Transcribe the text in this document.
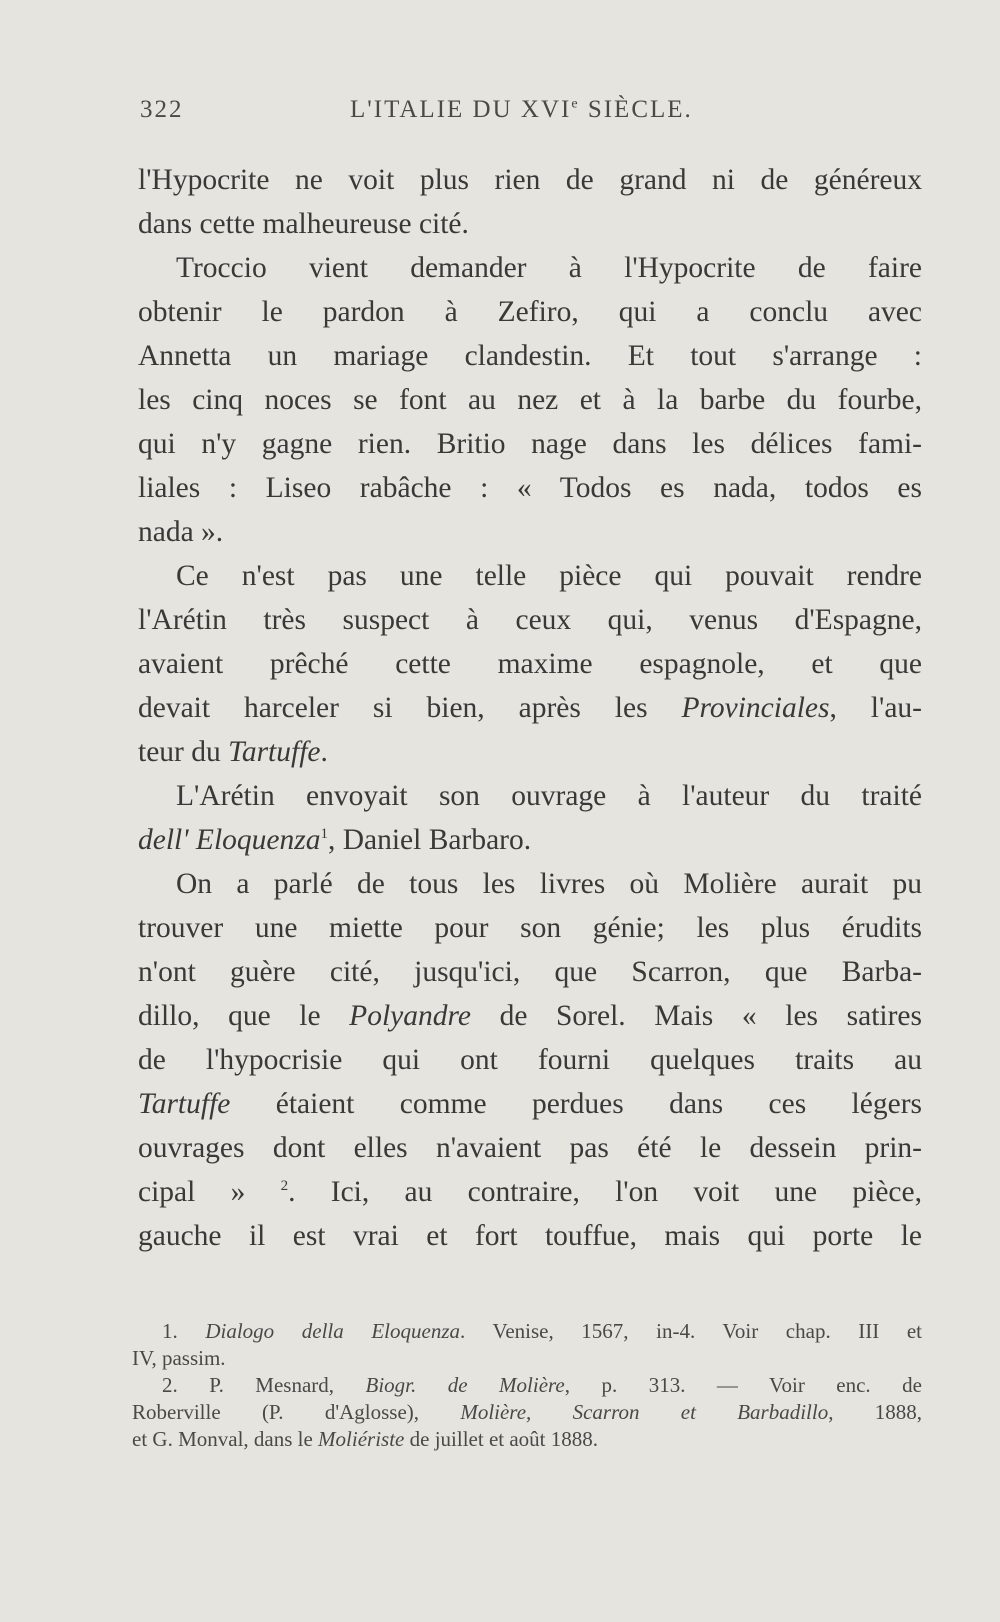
322	L'ITALIE DU XVIe SIÈCLE.
l'Hypocrite ne voit plus rien de grand ni de généreux
dans cette malheureuse cité.
Troccio vient demander à l'Hypocrite de faire
obtenir le pardon à Zefiro, qui a conclu avec
Annetta un mariage clandestin. Et tout s'arrange :
les cinq noces se font au nez et à la barbe du fourbe,
qui n'y gagne rien. Britio nage dans les délices fami-
liales : Liseo rabâche : « Todos es nada, todos es
nada ».
Ce n'est pas une telle pièce qui pouvait rendre
l'Arétin très suspect à ceux qui, venus d'Espagne,
avaient prêché cette maxime espagnole, et que
devait harceler si bien, après les Provinciales, l'au-
teur du Tartuffe.
L'Arétin envoyait son ouvrage à l'auteur du traité
dell' Eloquenza$^1$, Daniel Barbaro.
On a parlé de tous les livres où Molière aurait pu
trouver une miette pour son génie; les plus érudits
n'ont guère cité, jusqu'ici, que Scarron, que Barba-
dillo, que le Polyandre de Sorel. Mais « les satires
de l'hypocrisie qui ont fourni quelques traits au
Tartuffe étaient comme perdues dans ces légers
ouvrages dont elles n'avaient pas été le dessein prin-
cipal » $^2$. Ici, au contraire, l'on voit une pièce,
gauche il est vrai et fort touffue, mais qui porte le
1. Dialogo della Eloquenza. Venise, 1567, in-4. Voir chap. III et
IV, passim.
2. P. Mesnard, Biogr. de Molière, p. 313. — Voir enc. de
Roberville (P. d'Aglosse), Molière, Scarron et Barbadillo, 1888,
et G. Monval, dans le Moliériste de juillet et août 1888.
